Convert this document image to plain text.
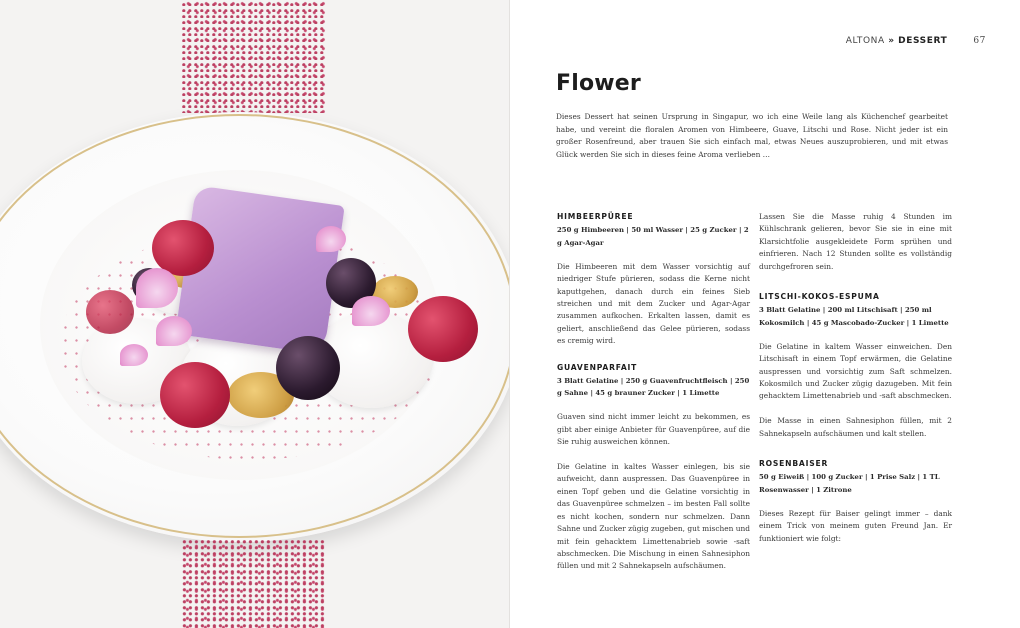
ALTONA » DESSERT	67
Flower

Dieses Dessert hat seinen Ursprung in Singapur, wo ich eine Weile lang als Küchenchef gearbeitet habe, und vereint die floralen Aromen von Himbeere, Guave, Litschi und Rose. Nicht jeder ist ein großer Rosenfreund, aber trauen Sie sich einfach mal, etwas Neues auszuprobieren, und mit etwas Glück werden Sie sich in dieses feine Aroma verlieben …

HIMBEERPÜREE
250 g Himbeeren | 50 ml Wasser | 25 g Zucker | 2 g Agar-Agar

Die Himbeeren mit dem Wasser vorsichtig auf niedriger Stufe pürieren, sodass die Kerne nicht kaputtgehen, danach durch ein feines Sieb streichen und mit dem Zucker und Agar-Agar zusammen aufkochen. Erkalten lassen, damit es geliert, anschließend das Gelee pürieren, sodass es cremig wird.

GUAVENPARFAIT
3 Blatt Gelatine | 250 g Guavenfruchtfleisch | 250 g Sahne | 45 g brauner Zucker | 1 Limette

Guaven sind nicht immer leicht zu bekommen, es gibt aber einige Anbieter für Guavenpüree, auf die Sie ruhig ausweichen können.

Die Gelatine in kaltes Wasser einlegen, bis sie aufweicht, dann auspressen. Das Guavenpüree in einen Topf geben und die Gelatine vorsichtig in das Guavenpüree schmelzen – im besten Fall sollte es nicht kochen, sondern nur schmelzen. Dann Sahne und Zucker zügig zugeben, gut mischen und mit fein gehacktem Limettenabrieb sowie -saft abschmecken. Die Mischung in einen Sahnesiphon füllen und mit 2 Sahnekapseln aufschäumen.

Lassen Sie die Masse ruhig 4 Stunden im Kühlschrank gelieren, bevor Sie sie in eine mit Klarsichtfolie ausgekleidete Form sprühen und einfrieren. Nach 12 Stunden sollte es vollständig durchgefroren sein.

LITSCHI-KOKOS-ESPUMA
3 Blatt Gelatine | 200 ml Litschisaft | 250 ml Kokosmilch | 45 g Mascobado-Zucker | 1 Limette

Die Gelatine in kaltem Wasser einweichen. Den Litschisaft in einem Topf erwärmen, die Gelatine auspressen und vorsichtig zum Saft schmelzen. Kokosmilch und Zucker zügig dazugeben. Mit fein gehacktem Limettenabrieb und -saft abschmecken.

Die Masse in einen Sahnesiphon füllen, mit 2 Sahnekapseln aufschäumen und kalt stellen.

ROSENBAISER
50 g Eiweiß | 100 g Zucker | 1 Prise Salz | 1 TL Rosenwasser | 1 Zitrone

Dieses Rezept für Baiser gelingt immer – dank einem Trick von meinem guten Freund Jan. Er funktioniert wie folgt:
